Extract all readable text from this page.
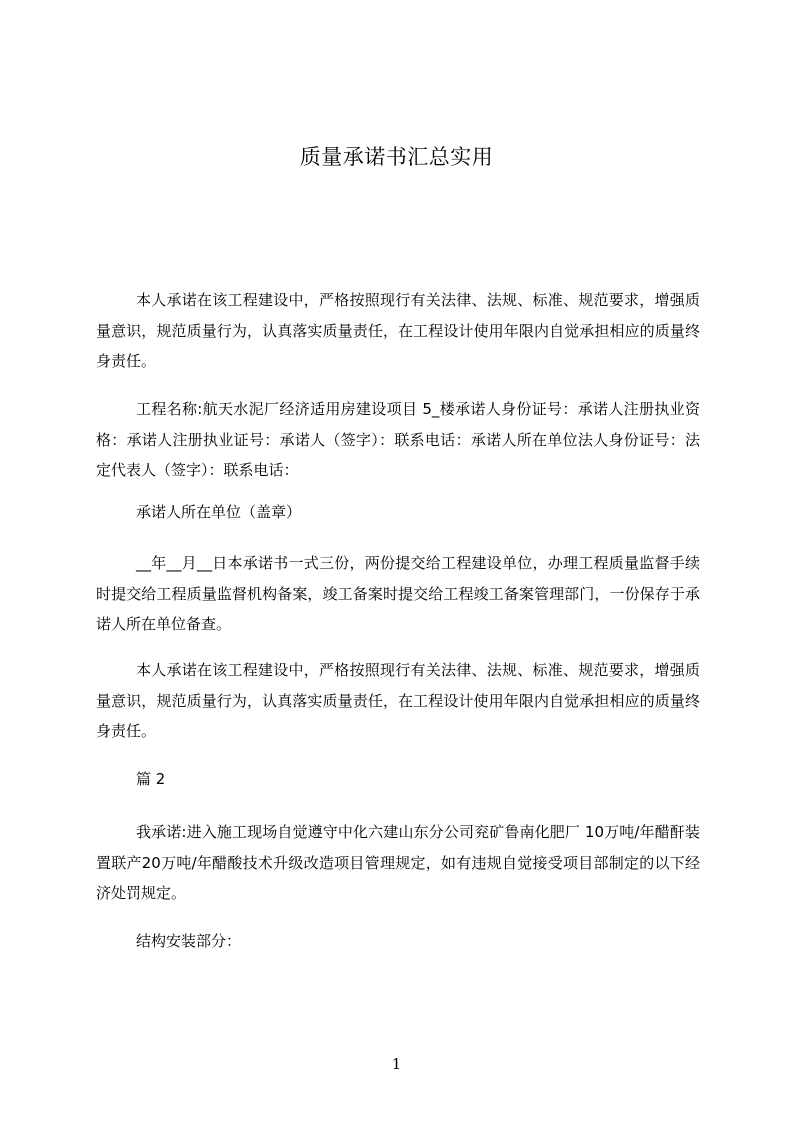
质量承诺书汇总实用

本人承诺在该工程建设中，严格按照现行有关法律、法规、标准、规范要求，增强质量意识，规范质量行为，认真落实质量责任，在工程设计使用年限内自觉承担相应的质量终身责任。

工程名称:航天水泥厂经济适用房建设项目 5_楼承诺人身份证号：承诺人注册执业资格：承诺人注册执业证号：承诺人（签字）：联系电话：承诺人所在单位法人身份证号：法定代表人（签字）：联系电话：

承诺人所在单位（盖章）

__年__月__日本承诺书一式三份，两份提交给工程建设单位，办理工程质量监督手续时提交给工程质量监督机构备案，竣工备案时提交给工程竣工备案管理部门，一份保存于承诺人所在单位备查。

本人承诺在该工程建设中，严格按照现行有关法律、法规、标准、规范要求，增强质量意识，规范质量行为，认真落实质量责任，在工程设计使用年限内自觉承担相应的质量终身责任。

篇 2

我承诺:进入施工现场自觉遵守中化六建山东分公司兖矿鲁南化肥厂 10万吨/年醋酐装置联产20万吨/年醋酸技术升级改造项目管理规定，如有违规自觉接受项目部制定的以下经济处罚规定。

结构安装部分：

1
